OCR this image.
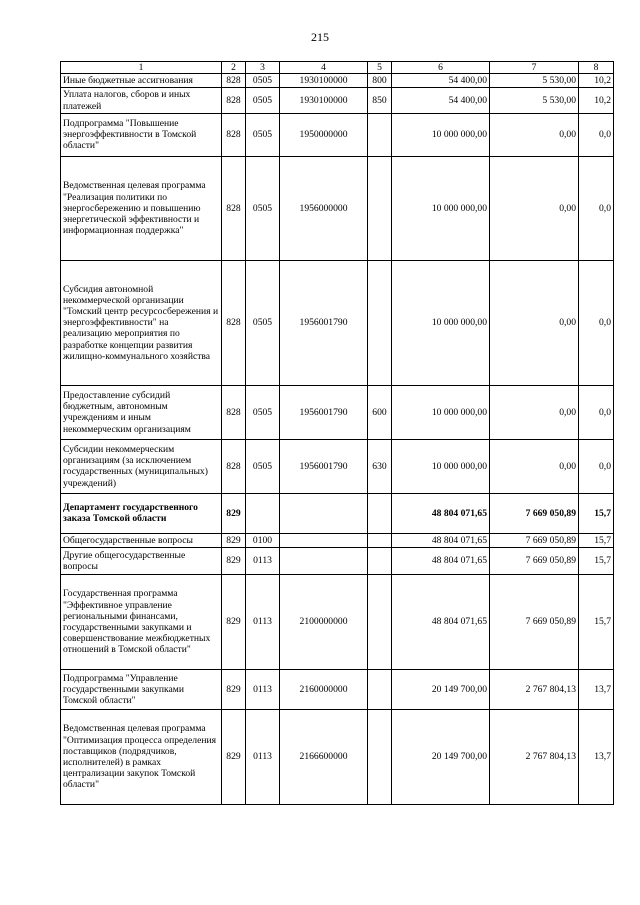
215
1	2	3	4	5	6	7	8
Иные бюджетные ассигнования	828	0505	1930100000	800	54 400,00	5 530,00	10,2
Уплата налогов, сборов и иных платежей	828	0505	1930100000	850	54 400,00	5 530,00	10,2
Подпрограмма "Повышение энергоэффективности в Томской области"	828	0505	1950000000		10 000 000,00	0,00	0,0
Ведомственная целевая программа "Реализация политики по энергосбережению и повышению энергетической эффективности и информационная поддержка"	828	0505	1956000000		10 000 000,00	0,00	0,0
Субсидия автономной некоммерческой организации "Томский центр ресурсосбережения и энергоэффективности" на реализацию мероприятия по разработке концепции развития жилищно-коммунального хозяйства	828	0505	1956001790		10 000 000,00	0,00	0,0
Предоставление субсидий бюджетным, автономным учреждениям и иным некоммерческим организациям	828	0505	1956001790	600	10 000 000,00	0,00	0,0
Субсидии некоммерческим организациям (за исключением государственных (муниципальных) учреждений)	828	0505	1956001790	630	10 000 000,00	0,00	0,0
Департамент государственного заказа Томской области	829				48 804 071,65	7 669 050,89	15,7
Общегосударственные вопросы	829	0100			48 804 071,65	7 669 050,89	15,7
Другие общегосударственные вопросы	829	0113			48 804 071,65	7 669 050,89	15,7
Государственная программа "Эффективное управление региональными финансами, государственными закупками и совершенствование межбюджетных отношений в Томской области"	829	0113	2100000000		48 804 071,65	7 669 050,89	15,7
Подпрограмма "Управление государственными закупками Томской области"	829	0113	2160000000		20 149 700,00	2 767 804,13	13,7
Ведомственная целевая программа "Оптимизация процесса определения поставщиков (подрядчиков, исполнителей) в рамках централизации закупок Томской области"	829	0113	2166600000		20 149 700,00	2 767 804,13	13,7
